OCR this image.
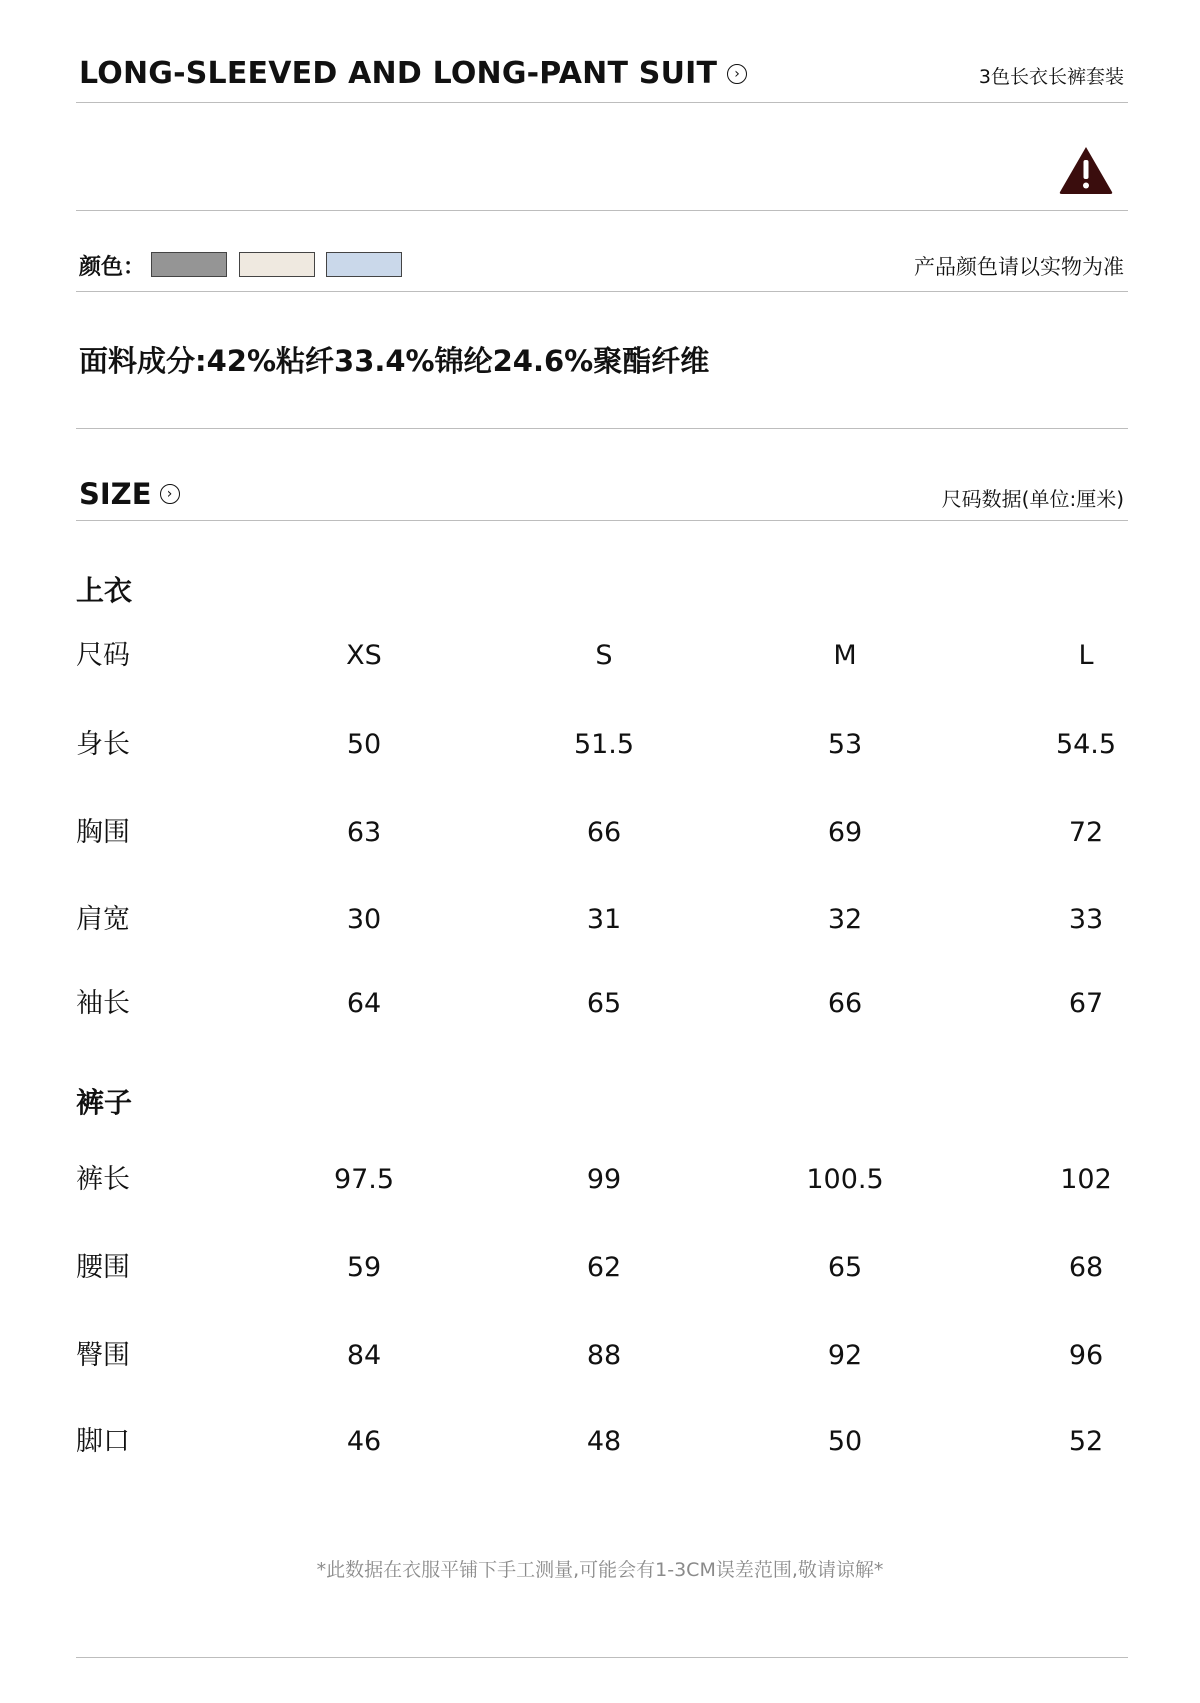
LONG-SLEEVED AND LONG-PANT SUIT	›	3色长衣长裤套装
颜色：	产品颜色请以实物为准
面料成分:42%粘纤33.4%锦纶24.6%聚酯纤维
SIZE	›	尺码数据(单位:厘米)
上衣
尺码	XS	S	M	L
身长	50	51.5	53	54.5
胸围	63	66	69	72
肩宽	30	31	32	33
袖长	64	65	66	67
裤子
裤长	97.5	99	100.5	102
腰围	59	62	65	68
臀围	84	88	92	96
脚口	46	48	50	52
*此数据在衣服平铺下手工测量,可能会有1-3CM误差范围,敬请谅解*
